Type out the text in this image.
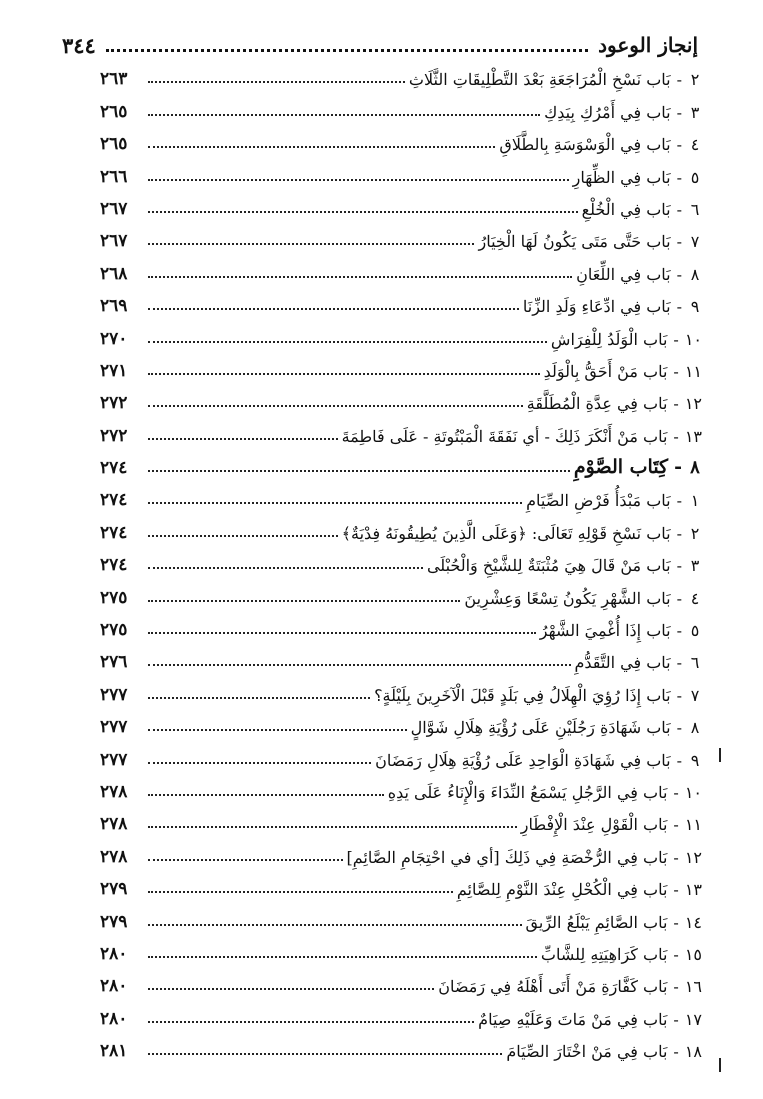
إنجاز الوعود
٣٤٤
٢-بَاب نَسْخِ الْمُرَاجَعَةِ بَعْدَ التَّطْلِيقَاتِ الثَّلَاثِ
٢٦٣
٣-بَاب فِي أَمْرُكِ بِيَدِكِ
٢٦٥
٤-بَاب فِي الْوَسْوَسَةِ بِالطَّلَاقِ
٢٦٥
٥-بَاب فِي الظِّهَارِ
٢٦٦
٦-بَاب فِي الْخُلْعِ
٢٦٧
٧-بَاب حَتَّى مَتَى يَكُونُ لَهَا الْخِيَارُ
٢٦٧
٨-بَاب فِي اللِّعَانِ
٢٦٨
٩-بَاب فِي ادِّعَاءِ وَلَدِ الزِّنَا
٢٦٩
١٠-بَاب الْوَلَدُ لِلْفِرَاشِ
٢٧٠
١١-بَاب مَنْ أَحَقُّ بِالْوَلَدِ
٢٧١
١٢-بَاب فِي عِدَّةِ الْمُطَلَّقَةِ
٢٧٢
١٣-بَاب مَنْ أَنْكَرَ ذَلِكَ - أي نَفَقَةَ الْمَبْتُوتَةِ - عَلَى فَاطِمَةَ
٢٧٢
٨-كِتَاب الصَّوْمِ
٢٧٤
١-بَاب مَبْدَأُ فَرْضِ الصِّيَامِ
٢٧٤
٢-بَاب نَسْخِ قَوْلِهِ تَعَالَى: ﴿وَعَلَى الَّذِينَ يُطِيقُونَهُ فِدْيَةٌ﴾
٢٧٤
٣-بَاب مَنْ قَالَ هِيَ مُثْبَتَةٌ لِلشَّيْخِ وَالْحُبْلَى
٢٧٤
٤-بَاب الشَّهْرِ يَكُونُ تِسْعًا وَعِشْرِينَ
٢٧٥
٥-بَاب إِذَا أُغْمِيَ الشَّهْرُ
٢٧٥
٦-بَاب فِي التَّقَدُّمِ
٢٧٦
٧-بَاب إِذَا رُؤِيَ الْهِلَالُ فِي بَلَدٍ قَبْلَ الْآخَرِينَ بِلَيْلَةٍ؟
٢٧٧
٨-بَاب شَهَادَةِ رَجُلَيْنِ عَلَى رُؤْيَةِ هِلَالِ شَوَّالٍ
٢٧٧
٩-بَاب فِي شَهَادَةِ الْوَاحِدِ عَلَى رُؤْيَةِ هِلَالِ رَمَضَانَ
٢٧٧
١٠-بَاب فِي الرَّجُلِ يَسْمَعُ النِّدَاءَ وَالْإِنَاءُ عَلَى يَدِهِ
٢٧٨
١١-بَاب الْقَوْلِ عِنْدَ الْإِفْطَارِ
٢٧٨
١٢-بَاب فِي الرُّخْصَةِ فِي ذَلِكَ [أي في احْتِجَامِ الصَّائِمِ]
٢٧٨
١٣-بَاب فِي الْكُحْلِ عِنْدَ النَّوْمِ لِلصَّائِمِ
٢٧٩
١٤-بَاب الصَّائِمِ يَبْلَعُ الرِّيقَ
٢٧٩
١٥-بَاب كَرَاهِيَتِهِ لِلشَّابِّ
٢٨٠
١٦-بَاب كَفَّارَةِ مَنْ أَتَى أَهْلَهُ فِي رَمَضَانَ
٢٨٠
١٧-بَاب فِي مَنْ مَاتَ وَعَلَيْهِ صِيَامٌ
٢٨٠
١٨-بَاب فِي مَنْ اخْتَارَ الصِّيَامَ
٢٨١
